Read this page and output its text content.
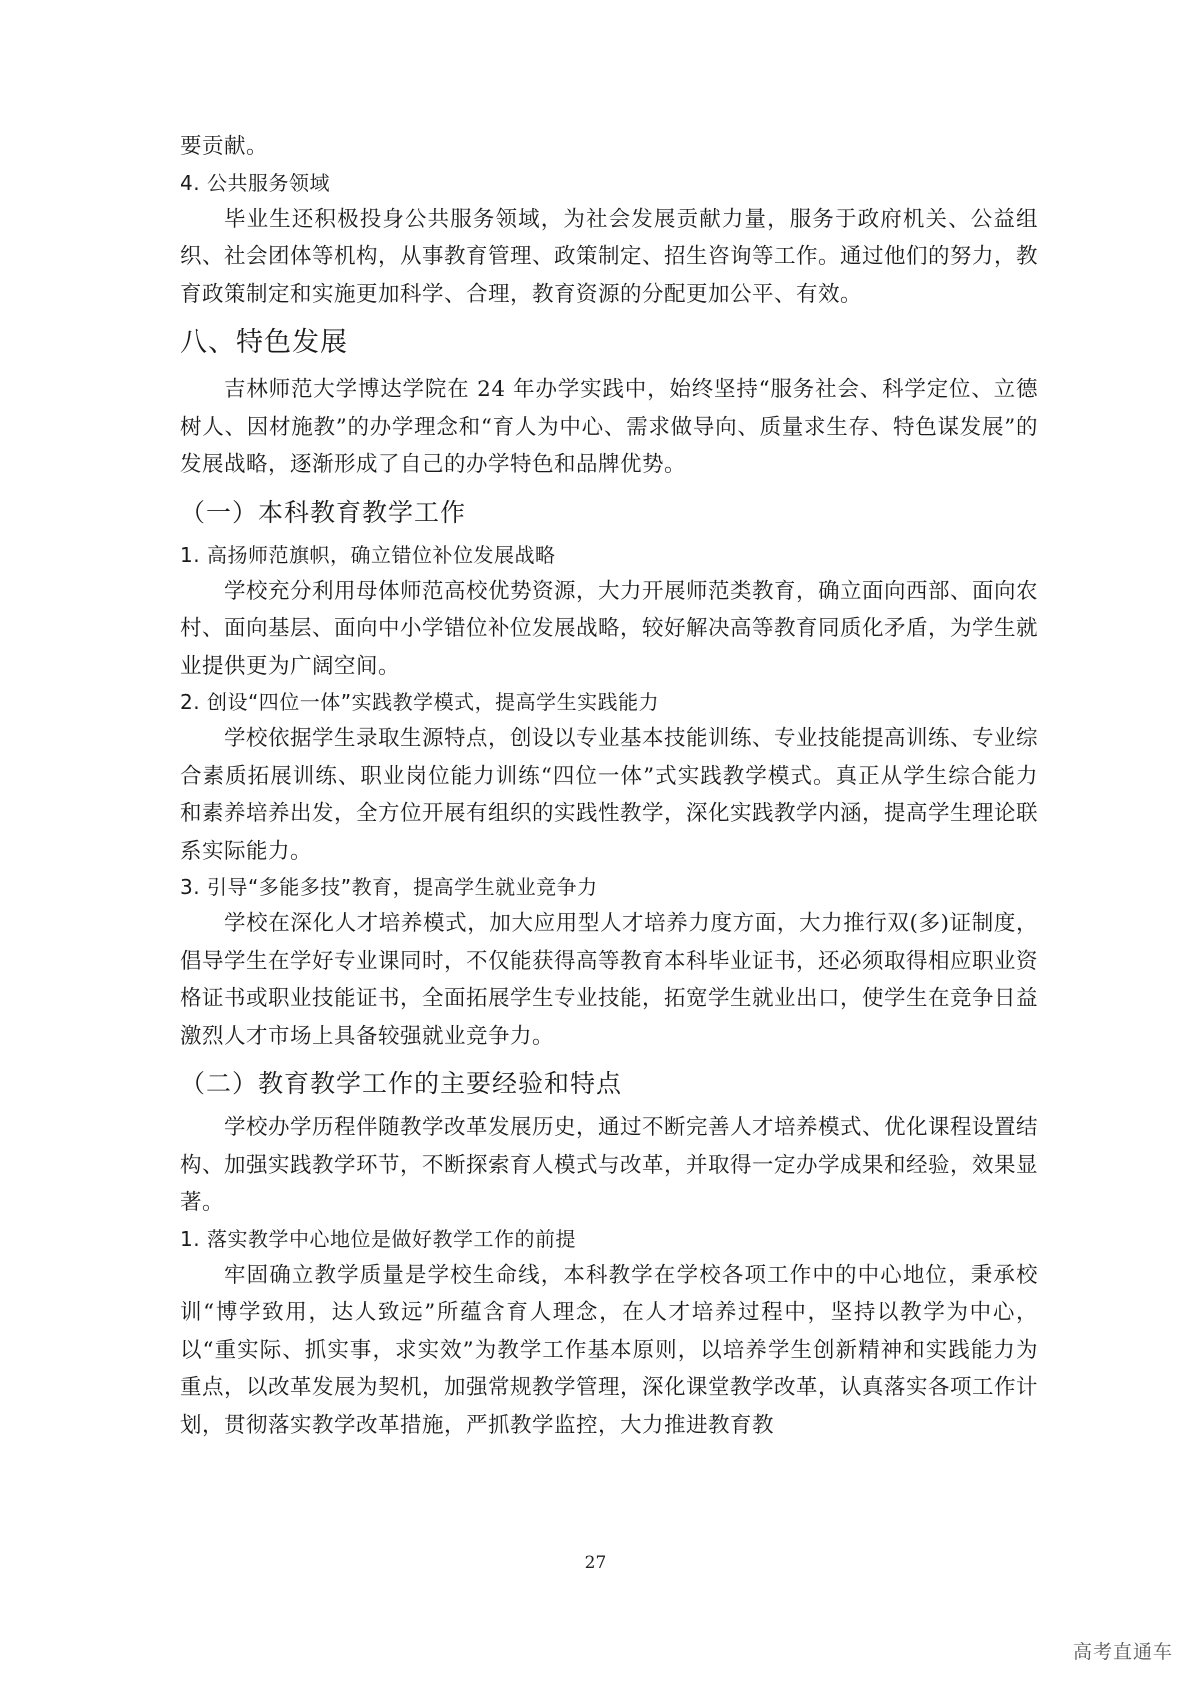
要贡献。

4. 公共服务领域

毕业生还积极投身公共服务领域，为社会发展贡献力量，服务于政府机关、公益组织、社会团体等机构，从事教育管理、政策制定、招生咨询等工作。通过他们的努力，教育政策制定和实施更加科学、合理，教育资源的分配更加公平、有效。

八、特色发展

吉林师范大学博达学院在 24 年办学实践中，始终坚持“服务社会、科学定位、立德树人、因材施教”的办学理念和“育人为中心、需求做导向、质量求生存、特色谋发展”的发展战略，逐渐形成了自己的办学特色和品牌优势。

（一）本科教育教学工作

1. 高扬师范旗帜，确立错位补位发展战略

学校充分利用母体师范高校优势资源，大力开展师范类教育，确立面向西部、面向农村、面向基层、面向中小学错位补位发展战略，较好解决高等教育同质化矛盾，为学生就业提供更为广阔空间。

2. 创设“四位一体”实践教学模式，提高学生实践能力

学校依据学生录取生源特点，创设以专业基本技能训练、专业技能提高训练、专业综合素质拓展训练、职业岗位能力训练“四位一体”式实践教学模式。真正从学生综合能力和素养培养出发，全方位开展有组织的实践性教学，深化实践教学内涵，提高学生理论联系实际能力。

3. 引导“多能多技”教育，提高学生就业竞争力

学校在深化人才培养模式，加大应用型人才培养力度方面，大力推行双(多)证制度，倡导学生在学好专业课同时，不仅能获得高等教育本科毕业证书，还必须取得相应职业资格证书或职业技能证书，全面拓展学生专业技能，拓宽学生就业出口，使学生在竞争日益激烈人才市场上具备较强就业竞争力。

（二）教育教学工作的主要经验和特点

学校办学历程伴随教学改革发展历史，通过不断完善人才培养模式、优化课程设置结构、加强实践教学环节，不断探索育人模式与改革，并取得一定办学成果和经验，效果显著。

1. 落实教学中心地位是做好教学工作的前提

牢固确立教学质量是学校生命线，本科教学在学校各项工作中的中心地位，秉承校训“博学致用，达人致远”所蕴含育人理念，在人才培养过程中，坚持以教学为中心，以“重实际、抓实事，求实效”为教学工作基本原则，以培养学生创新精神和实践能力为重点，以改革发展为契机，加强常规教学管理，深化课堂教学改革，认真落实各项工作计划，贯彻落实教学改革措施，严抓教学监控，大力推进教育教

27
高考直通车
